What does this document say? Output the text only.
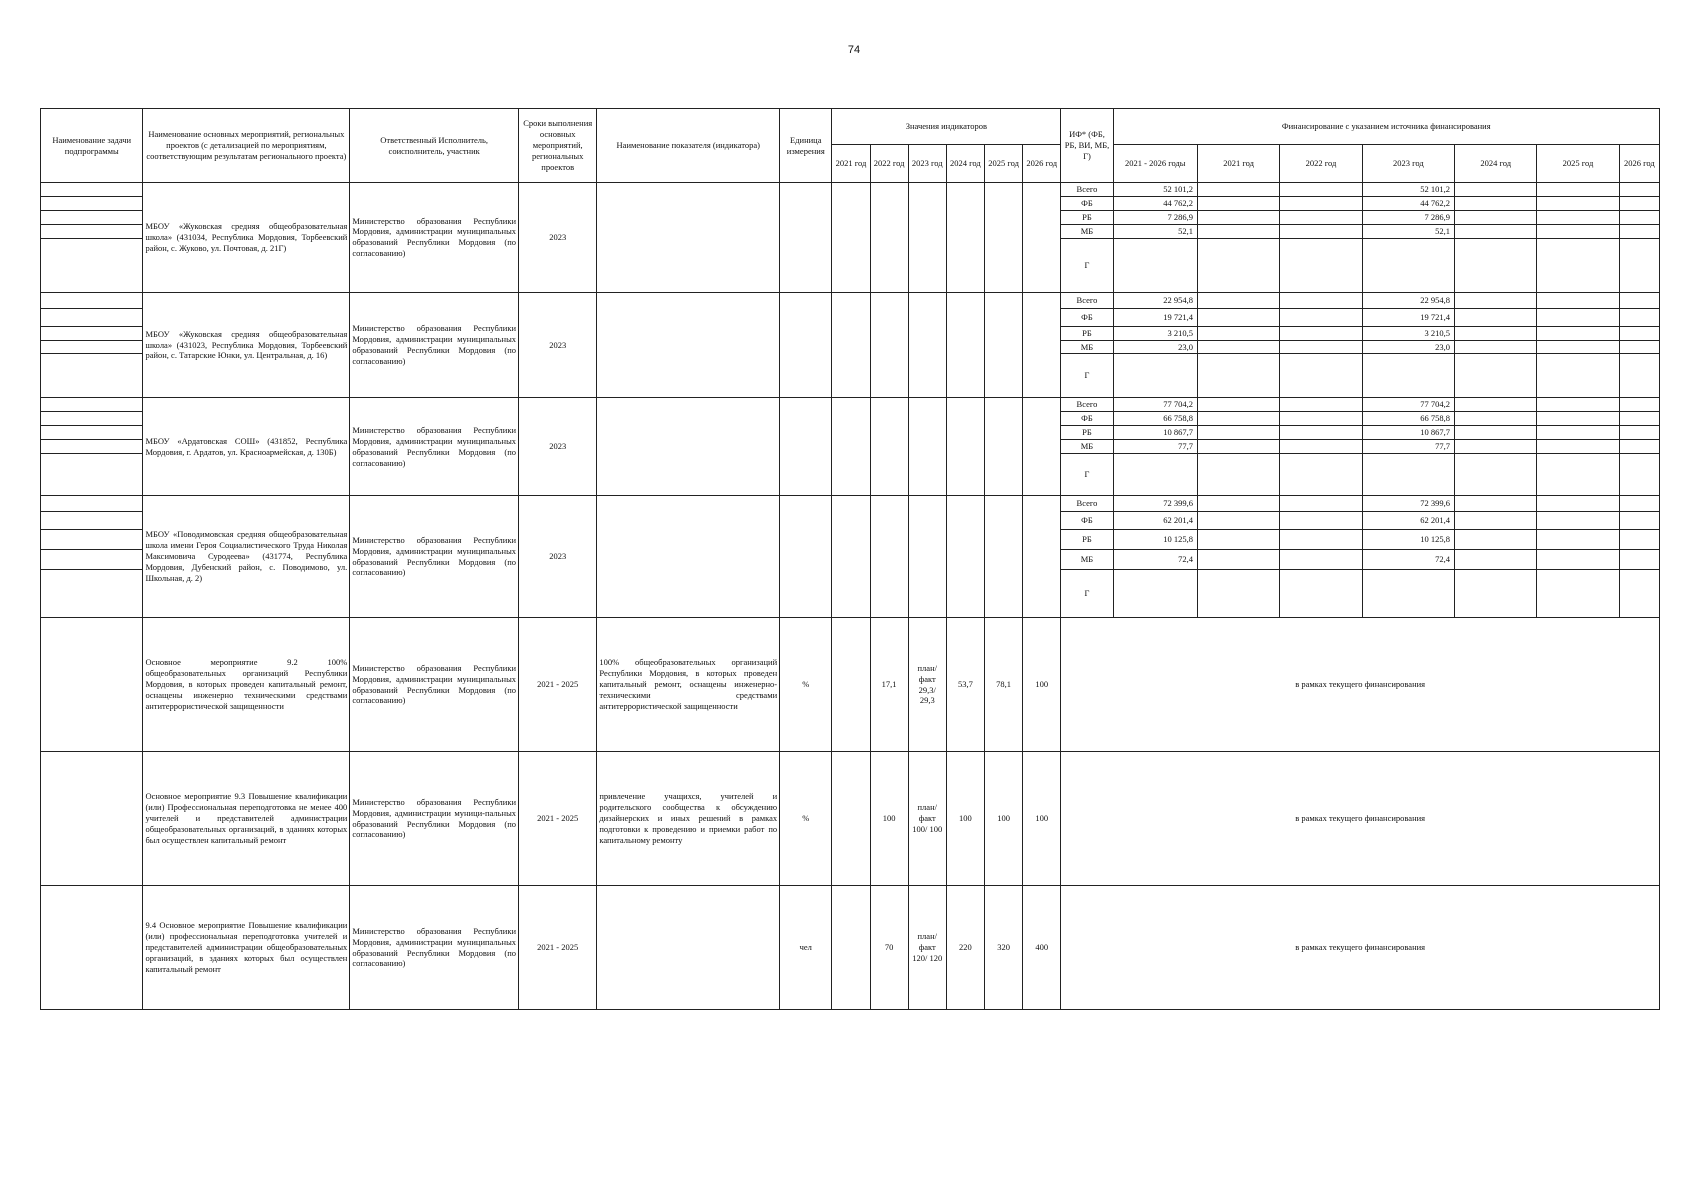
74
Наименование задачи подпрограммы	Наименование основных мероприятий, региональных проектов (с детализацией по мероприятиям, соответствующим результатам регионального проекта)	Ответственный Исполнитель, соисполнитель, участник	Сроки выполнения основных мероприятий, региональных проектов	Наименование показателя (индикатора)	Единица измерения	Значения индикаторов						ИФ* (ФБ, РБ, ВИ, МБ, Г)	Финансирование с указанием источника финансирования						
						2021 год	2022 год	2023 год	2024 год	2025 год	2026 год		2021 - 2026 годы	2021 год	2022 год	2023 год	2024 год	2025 год	2026 год
	МБОУ «Жуковская средняя общеобразовательная школа» (431034, Республика Мордовия, Торбеевский район, с. Жуково, ул. Почтовая, д. 21Г)	Министерство образования Республики Мордовия, администрации муниципальных образований Республики Мордовия (по согласованию)	2023									Всего	52 101,2			52 101,2			
												ФБ	44 762,2			44 762,2			
												РБ	7 286,9			7 286,9			
												МБ	52,1			52,1			
												Г							
	МБОУ «Жуковская средняя общеобразовательная школа» (431023, Республика Мордовия, Торбеевский район, с. Татарские Юнки, ул. Центральная, д. 16)	Министерство образования Республики Мордовия, администрации муниципальных образований Республики Мордовия (по согласованию)	2023									Всего	22 954,8			22 954,8			
												ФБ	19 721,4			19 721,4			
												РБ	3 210,5			3 210,5			
												МБ	23,0			23,0			
												Г							
	МБОУ «Ардатовская СОШ» (431852, Республика Мордовия, г. Ардатов, ул. Красноармейская, д. 130Б)	Министерство образования Республики Мордовия, администрации муниципальных образований Республики Мордовия (по согласованию)	2023									Всего	77 704,2			77 704,2			
												ФБ	66 758,8			66 758,8			
												РБ	10 867,7			10 867,7			
												МБ	77,7			77,7			
												Г							
	МБОУ «Поводимовская средняя общеобразовательная школа имени Героя Социалистического Труда Николая Максимовича Суродеева» (431774, Республика Мордовия, Дубенский район, с. Поводимово, ул. Школьная, д. 2)	Министерство образования Республики Мордовия, администрации муниципальных образований Республики Мордовия (по согласованию)	2023									Всего	72 399,6			72 399,6			
												ФБ	62 201,4			62 201,4			
												РБ	10 125,8			10 125,8			
												МБ	72,4			72,4			
												Г							
	Основное мероприятие 9.2 100% общеобразовательных организаций Республики Мордовия, в которых проведен капитальный ремонт, оснащены инженерно техническими средствами антитеррористической защищенности	Министерство образования Республики Мордовия, администрации муниципальных образований Республики Мордовия (по согласованию)	2021 - 2025	100% общеобразовательных организаций Республики Мордовия, в которых проведен капитальный ремонт, оснащены инженерно-техническими средствами антитеррористической защищенности	%		17,1	план/ факт 29,3/ 29,3	53,7	78,1	100	в рамках текущего финансирования							
	Основное мероприятие 9.3 Повышение квалификации (или) Профессиональная переподготовка не менее 400 учителей и представителей администрации общеобразовательных организаций, в зданиях которых был осуществлен капитальный ремонт	Министерство образования Республики Мордовия, администрации муници-пальных образований Республики Мордовия (по согласованию)	2021 - 2025	привлечение учащихся, учителей и родительского сообщества к обсуждению дизайнерских и иных решений в рамках подготовки к проведению и приемки работ по капитальному ремонту	%		100	план/ факт 100/ 100	100	100	100	в рамках текущего финансирования							
	9.4 Основное мероприятие Повышение квалификации (или) профессиональная переподготовка учителей и представителей администрации общеобразовательных организаций, в зданиях которых был осуществлен капитальный ремонт	Министерство образования Республики Мордовия, администрации муниципальных образований Республики Мордовия (по согласованию)	2021 - 2025		чел		70	план/ факт 120/ 120	220	320	400	в рамках текущего финансирования							
